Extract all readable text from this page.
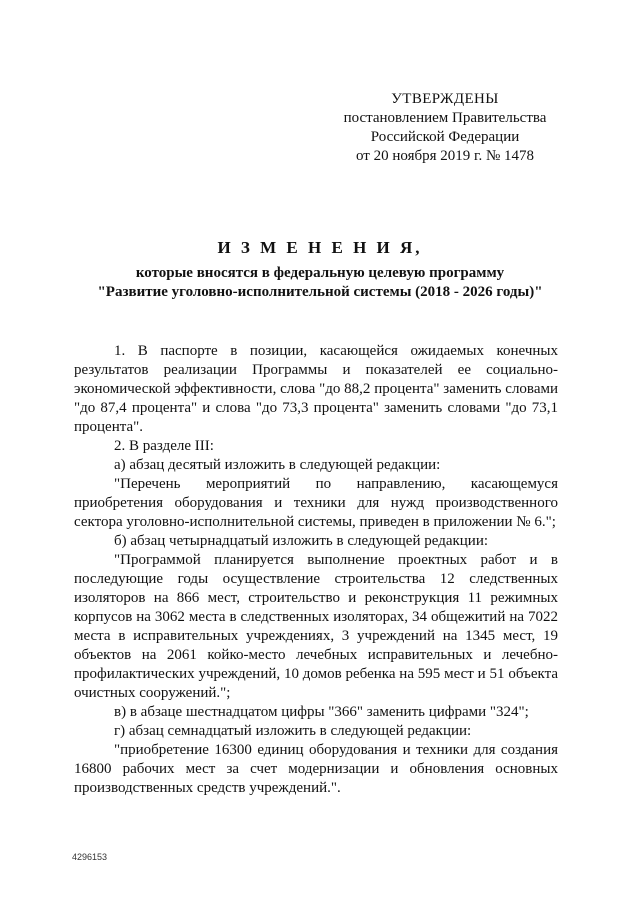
УТВЕРЖДЕНЫ
постановлением Правительства
Российской Федерации
от 20 ноября 2019 г. № 1478
И З М Е Н Е Н И Я,
которые вносятся в федеральную целевую программу
"Развитие уголовно-исполнительной системы (2018 - 2026 годы)"

1. В паспорте в позиции, касающейся ожидаемых конечных результатов реализации Программы и показателей ее социально-экономической эффективности, слова "до 88,2 процента" заменить словами "до 87,4 процента" и слова "до 73,3 процента" заменить словами "до 73,1 процента".

2. В разделе III:

а) абзац десятый изложить в следующей редакции:

"Перечень мероприятий по направлению, касающемуся приобретения оборудования и техники для нужд производственного сектора уголовно-исполнительной системы, приведен в приложении № 6.";

б) абзац четырнадцатый изложить в следующей редакции:

"Программой планируется выполнение проектных работ и в последующие годы осуществление строительства 12 следственных изоляторов на 866 мест, строительство и реконструкция 11 режимных корпусов на 3062 места в следственных изоляторах, 34 общежитий на 7022 места в исправительных учреждениях, 3 учреждений на 1345 мест, 19 объектов на 2061 койко-место лечебных исправительных и лечебно-профилактических учреждений, 10 домов ребенка на 595 мест и 51 объекта очистных сооружений.";

в) в абзаце шестнадцатом цифры "366" заменить цифрами "324";

г) абзац семнадцатый изложить в следующей редакции:

"приобретение 16300 единиц оборудования и техники для создания 16800 рабочих мест за счет модернизации и обновления основных производственных средств учреждений.".

4296153
